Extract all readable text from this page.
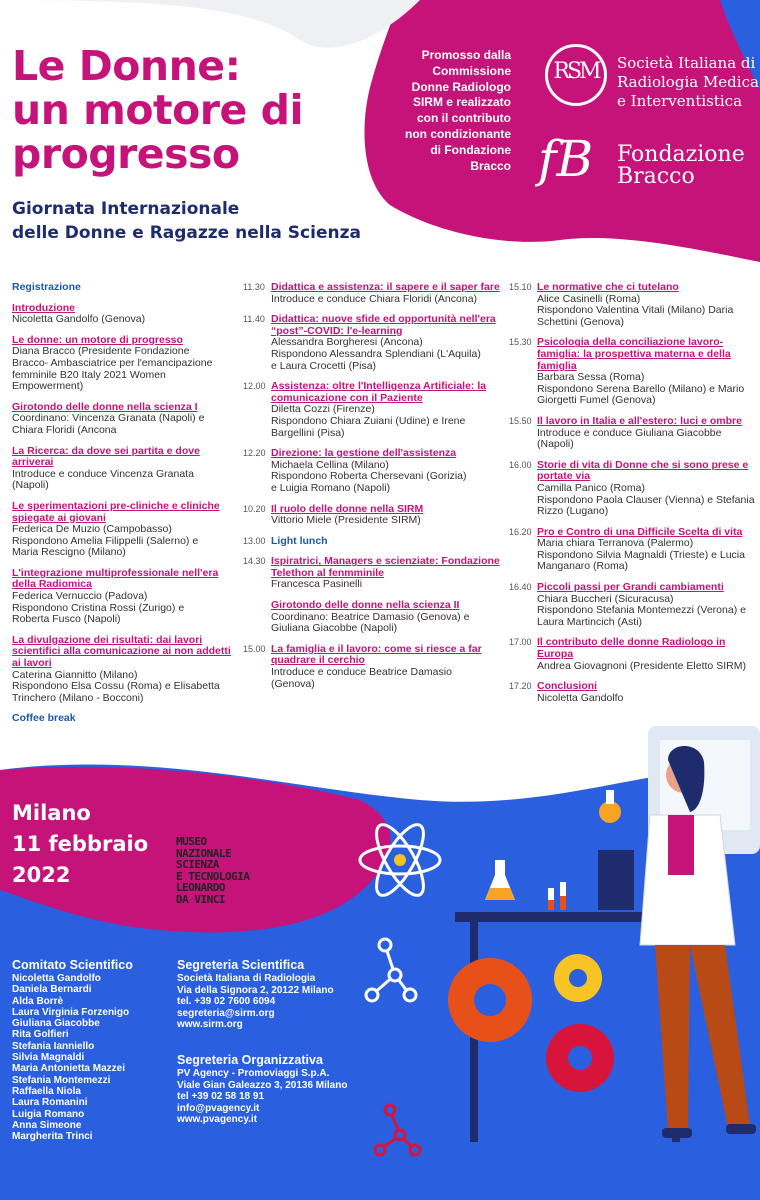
Le Donne:
un motore di
progresso
Giornata Internazionale
delle Donne e Ragazze nella Scienza
Promosso dalla
Commissione
Donne Radiologo
SIRM e realizzato
con il contributo
non condizionante
di Fondazione
Bracco
RSM	Società Italiana di
Radiologia Medica
e Interventistica
fB Fondazione
Bracco
Registrazione
Introduzione
Nicoletta Gandolfo (Genova)
Le donne: un motore di progresso
Diana Bracco (Presidente Fondazione
Bracco- Ambasciatrice per l'emancipazione
femminile B20 Italy 2021 Women
Empowerment)
Girotondo delle donne nella scienza I
Coordinano: Vincenza Granata (Napoli) e
Chiara Floridi (Ancona
La Ricerca: da dove sei partita e dove arriverai
Introduce e conduce Vincenza Granata
(Napoli)
Le sperimentazioni pre-cliniche e cliniche spiegate ai giovani
Federica De Muzio (Campobasso)
Rispondono Amelia Filippelli (Salerno) e
Maria Rescigno (Milano)
L'integrazione multiprofessionale nell'era della Radiomica
Federica Vernuccio (Padova)
Rispondono Cristina Rossi (Zurigo) e
Roberta Fusco (Napoli)
La divulgazione dei risultati: dai lavori scientifici alla comunicazione ai non addetti ai lavori
Caterina Giannitto (Milano)
Rispondono Elsa Cossu (Roma) e Elisabetta
Trinchero (Milano - Bocconi)
Coffee break
11.30 Didattica e assistenza: il sapere e il saper fare
Introduce e conduce Chiara Floridi (Ancona)
11.40 Didattica: nuove sfide ed opportunità nell'era “post”-COVID: l'e-learning
Alessandra Borgheresi (Ancona)
Rispondono Alessandra Splendiani (L'Aquila)
e Laura Crocetti (Pisa)
12.00 Assistenza: oltre l'Intelligenza Artificiale: la comunicazione con il Paziente
Diletta Cozzi (Firenze)
Rispondono Chiara Zuiani (Udine) e Irene
Bargellini (Pisa)
12.20 Direzione: la gestione dell'assistenza
Michaela Cellina (Milano)
Rispondono Roberta Chersevani (Gorizia)
e Luigia Romano (Napoli)
10.20 Il ruolo delle donne nella SIRM
Vittorio Miele (Presidente SIRM)
13.00 Light lunch
14.30 Ispiratrici, Managers e scienziate: Fondazione Telethon al fenmminile
Francesca Pasinelli
Girotondo delle donne nella scienza II
Coordinano: Beatrice Damasio (Genova) e
Giuliana Giacobbe (Napoli)
15.00 La famiglia e il lavoro: come si riesce a far quadrare il cerchio
Introduce e conduce Beatrice Damasio
(Genova)
15.10 Le normative che ci tutelano
Alice Casinelli (Roma)
Rispondono Valentina Vitali (Milano) Daria
Schettini (Genova)
15.30 Psicologia della conciliazione lavoro-famiglia: la prospettiva materna e della famiglia
Barbara Sessa (Roma)
Rispondono Serena Barello (Milano) e Mario
Giorgetti Fumel (Genova)
15.50 Il lavoro in Italia e all'estero: luci e ombre
Introduce e conduce Giuliana Giacobbe
(Napoli)
16.00 Storie di vita di Donne che si sono prese e portate via
Camilla Panico (Roma)
Rispondono Paola Clauser (Vienna) e Stefania
Rizzo (Lugano)
16.20 Pro e Contro di una Difficile Scelta di vita
Maria chiara Terranova (Palermo)
Rispondono Silvia Magnaldi (Trieste) e Lucia
Manganaro (Roma)
16.40 Piccoli passi per Grandi cambiamenti
Chiara Buccheri (Sicuracusa)
Rispondono Stefania Montemezzi (Verona) e
Laura Martincich (Asti)
17.00 Il contributo delle donne Radiologo in Europa
Andrea Giovagnoni (Presidente Eletto SIRM)
17.20 Conclusioni
Nicoletta Gandolfo
Milano
11 febbraio
2022
MUSEO
NAZIONALE
SCIENZA
E TECNOLOGIA
LEONARDO
DA VINCI
Comitato Scientifico
Nicoletta Gandolfo
Daniela Bernardi
Alda Borrè
Laura Virginia Forzenigo
Giuliana Giacobbe
Rita Golfieri
Stefania Ianniello
Silvia Magnaldi
Maria Antonietta Mazzei
Stefania Montemezzi
Raffaella Niola
Laura Romanini
Luigia Romano
Anna Simeone
Margherita Trinci
Segreteria Scientifica
Società Italiana di Radiologia
Via della Signora 2, 20122 Milano
tel. +39 02 7600 6094
segreteria@sirm.org
www.sirm.org
Segreteria Organizzativa
PV Agency - Promoviaggi S.p.A.
Viale Gian Galeazzo 3, 20136 Milano
tel +39 02 58 18 91
info@pvagency.it
www.pvagency.it
